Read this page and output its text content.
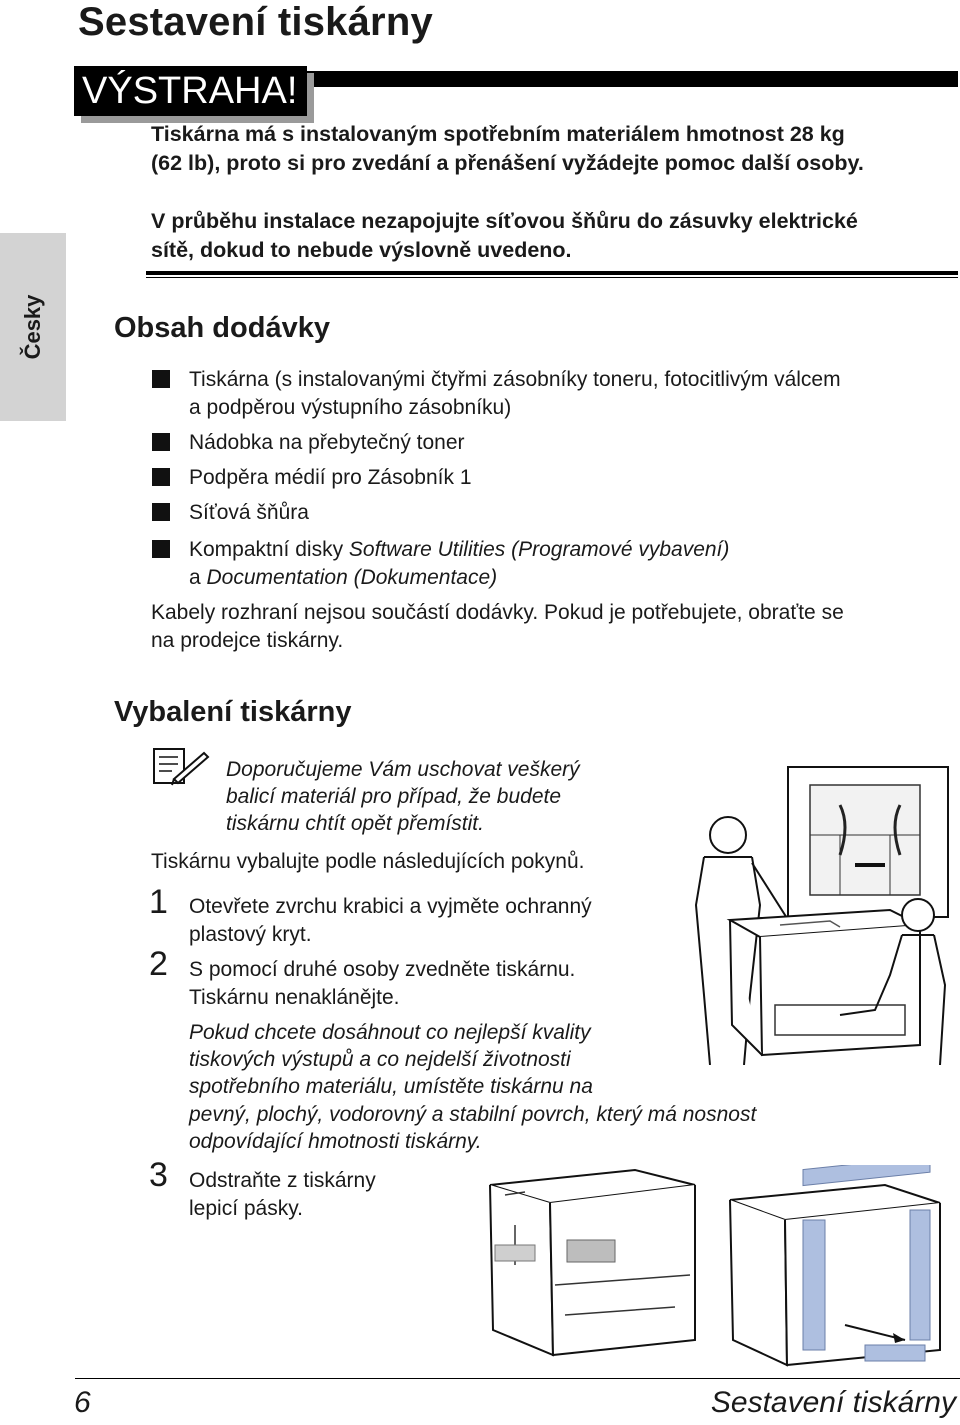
Sestavení tiskárny
Česky
VÝSTRAHA!
Tiskárna má s instalovaným spotřebním materiálem hmotnost 28 kg
(62 lb), proto si pro zvedání a přenášení vyžádejte pomoc další osoby.
V průběhu instalace nezapojujte síťovou šňůru do zásuvky elektrické
sítě, dokud to nebude výslovně uvedeno.
Obsah dodávky
Tiskárna (s instalovanými čtyřmi zásobníky toneru, fotocitlivým válcem
a podpěrou výstupního zásobníku)
Nádobka na přebytečný toner
Podpěra médií pro Zásobník 1
Síťová šňůra
Kompaktní disky Software Utilities (Programové vybavení)
a Documentation (Dokumentace)
Kabely rozhraní nejsou součástí dodávky. Pokud je potřebujete, obraťte se
na prodejce tiskárny.
Vybalení tiskárny
Doporučujeme Vám uschovat veškerý
balicí materiál pro případ, že budete
tiskárnu chtít opět přemístit.
Tiskárnu vybalujte podle následujících pokynů.
1 Otevřete zvrchu krabici a vyjměte ochranný
plastový kryt.
2 S pomocí druhé osoby zvedněte tiskárnu.
Tiskárnu nenaklánějte.
Pokud chcete dosáhnout co nejlepší kvality
tiskových výstupů a co nejdelší životnosti
spotřebního materiálu, umístěte tiskárnu na
pevný, plochý, vodorovný a stabilní povrch, který má nosnost
odpovídající hmotnosti tiskárny.
3 Odstraňte z tiskárny
lepicí pásky.
6	Sestavení tiskárny
